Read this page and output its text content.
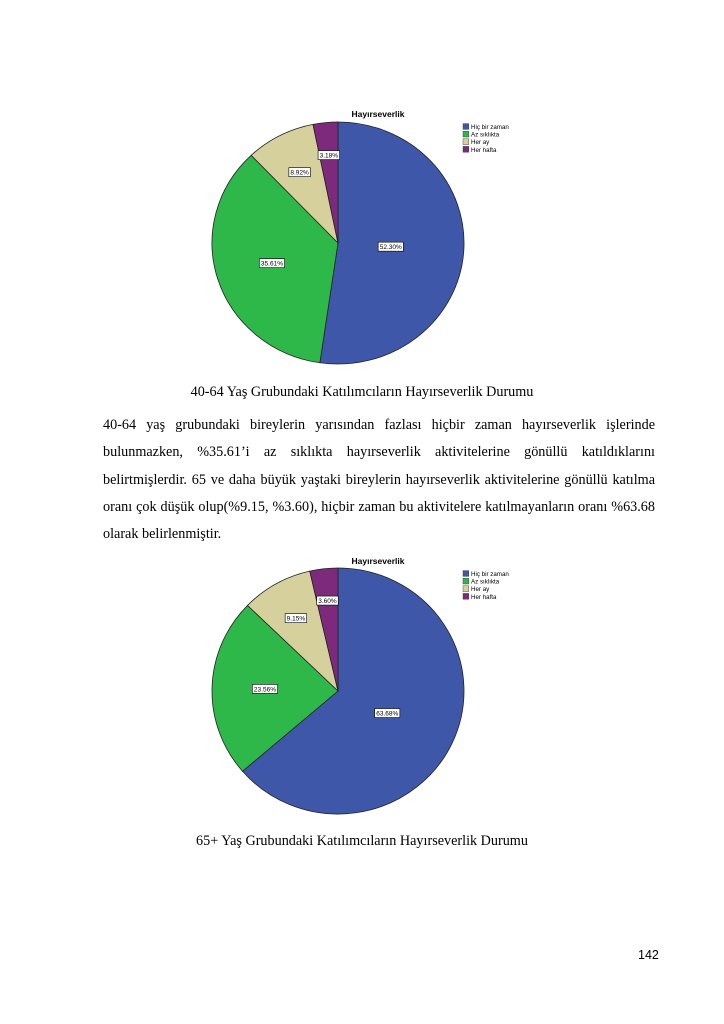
Hayırseverlik
52.30%
35.61%
8.92%
3.18%
Hiç bir zaman
Az sıklıkta
Her ay
Her hafta
40-64 Yaş Grubundaki Katılımcıların Hayırseverlik Durumu
40-64 yaş grubundaki bireylerin yarısından fazlası hiçbir zaman hayırseverlik işlerinde bulunmazken, %35.61’i az sıklıkta hayırseverlik aktivitelerine gönüllü katıldıklarını belirtmişlerdir. 65 ve daha büyük yaştaki bireylerin hayırseverlik aktivitelerine gönüllü katılma oranı çok düşük olup(%9.15, %3.60), hiçbir zaman bu aktivitelere katılmayanların oranı %63.68 olarak belirlenmiştir.
Hayırseverlik
63.68%
23.56%
9.15%
3.60%
Hiç bir zaman
Az sıklıkta
Her ay
Her hafta
65+ Yaş Grubundaki Katılımcıların Hayırseverlik Durumu
142
